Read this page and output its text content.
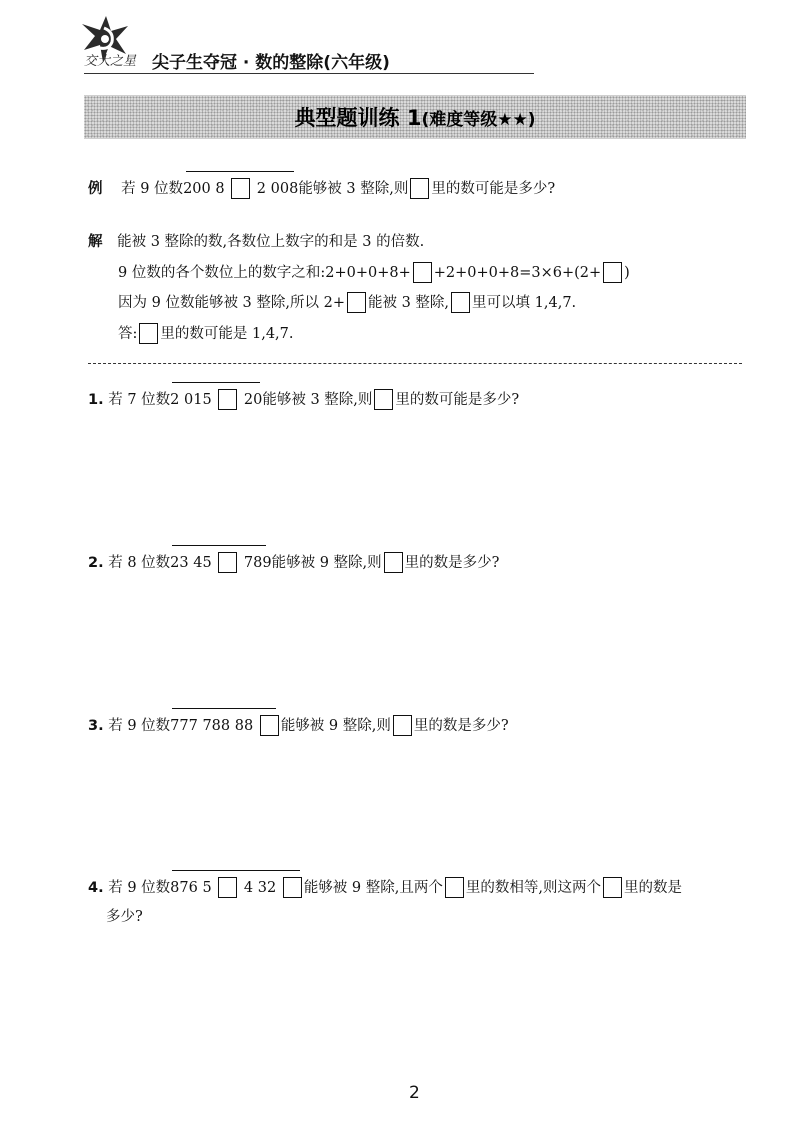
交大之星 尖子生夺冠 · 数的整除(六年级)
典型题训练 1(难度等级★★)
例 若 9 位数200 8 2 008能够被 3 整除,则 里的数可能是多少?
解 能被 3 整除的数,各数位上数字的和是 3 的倍数.
9 位数的各个数位上的数字之和:2+0+0+8+ +2+0+0+8=3×6+(2+ )
因为 9 位数能够被 3 整除,所以 2+ 能被 3 整除, 里可以填 1,4,7.
答: 里的数可能是 1,4,7.
1. 若 7 位数2 015 20能够被 3 整除,则 里的数可能是多少?
2. 若 8 位数23 45 789能够被 9 整除,则 里的数是多少?
3. 若 9 位数777 788 88 能够被 9 整除,则 里的数是多少?
4. 若 9 位数876 5 4 32 能够被 9 整除,且两个 里的数相等,则这两个 里的数是
多少?
2
